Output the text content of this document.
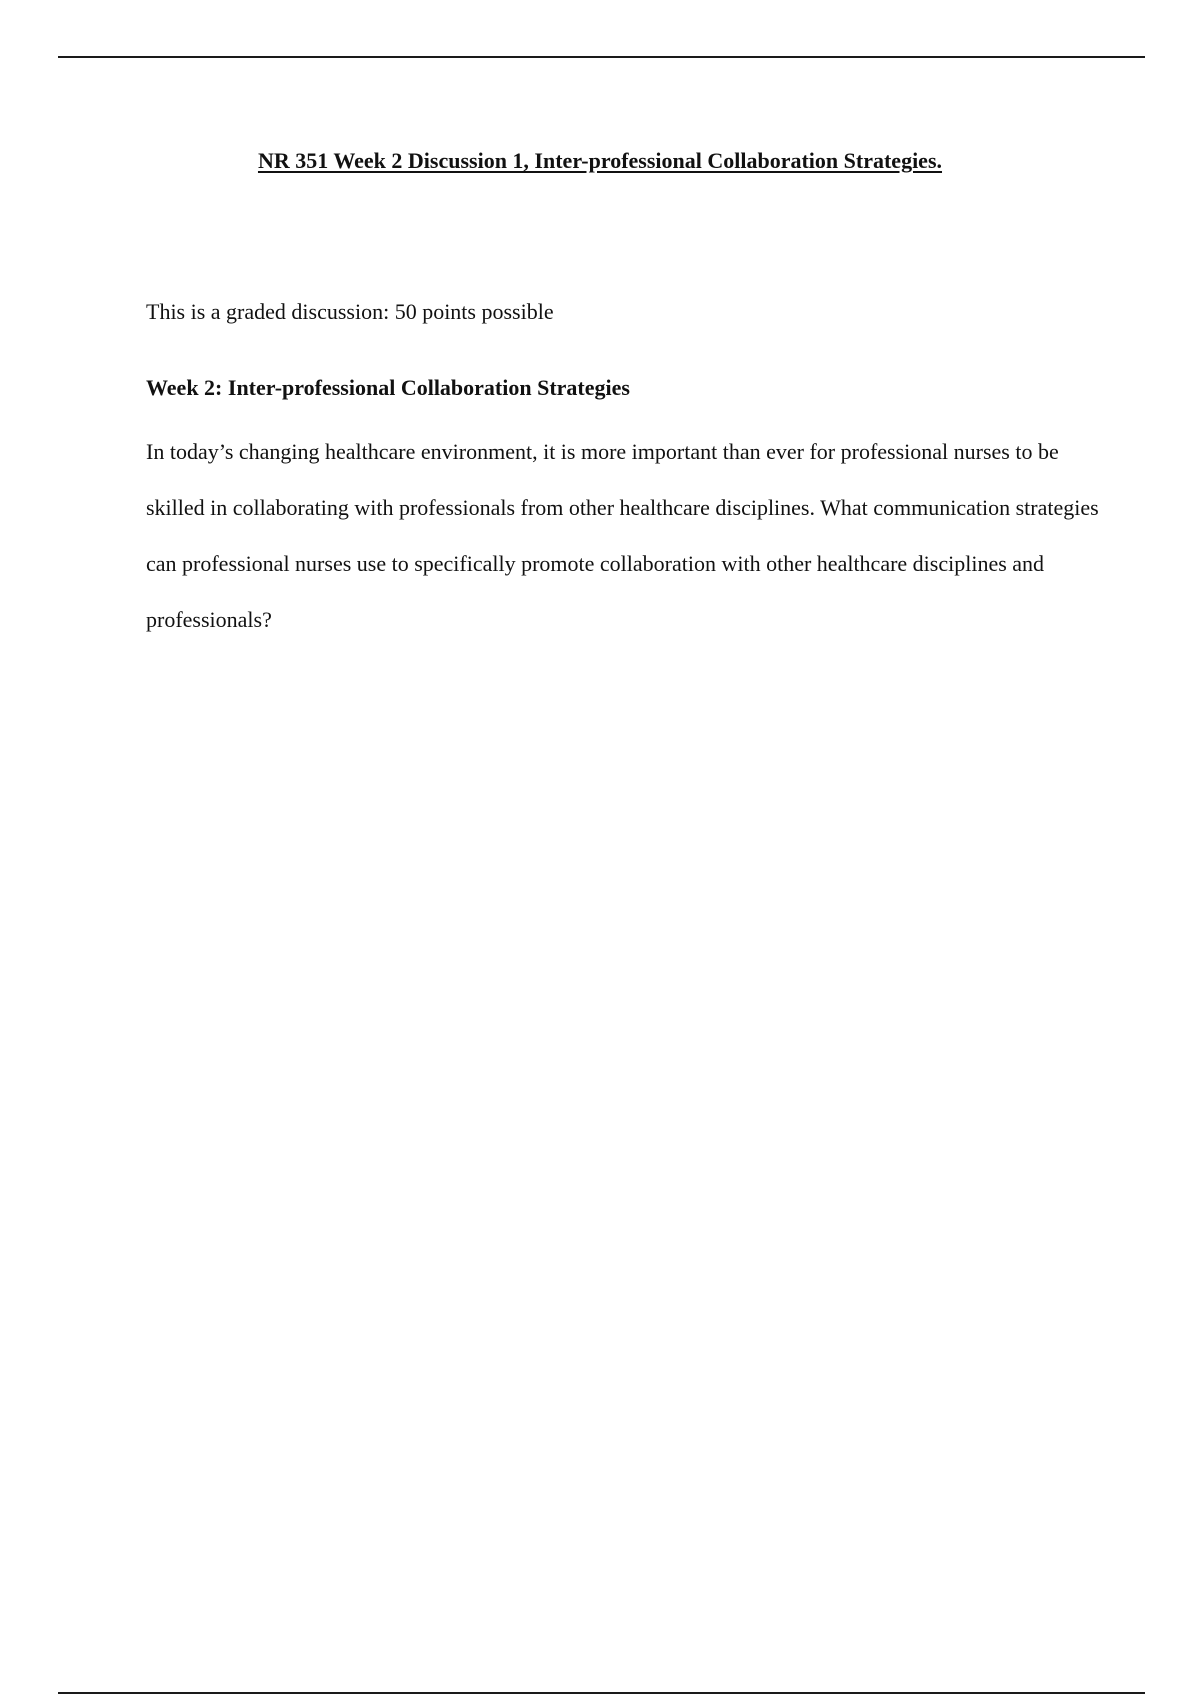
NR 351 Week 2 Discussion 1, Inter-professional Collaboration Strategies.

This is a graded discussion: 50 points possible

Week 2: Inter-professional Collaboration Strategies

In today’s changing healthcare environment, it is more important than ever for professional nurses to be skilled in collaborating with professionals from other healthcare disciplines. What communication strategies can professional nurses use to specifically promote collaboration with other healthcare disciplines and professionals?
